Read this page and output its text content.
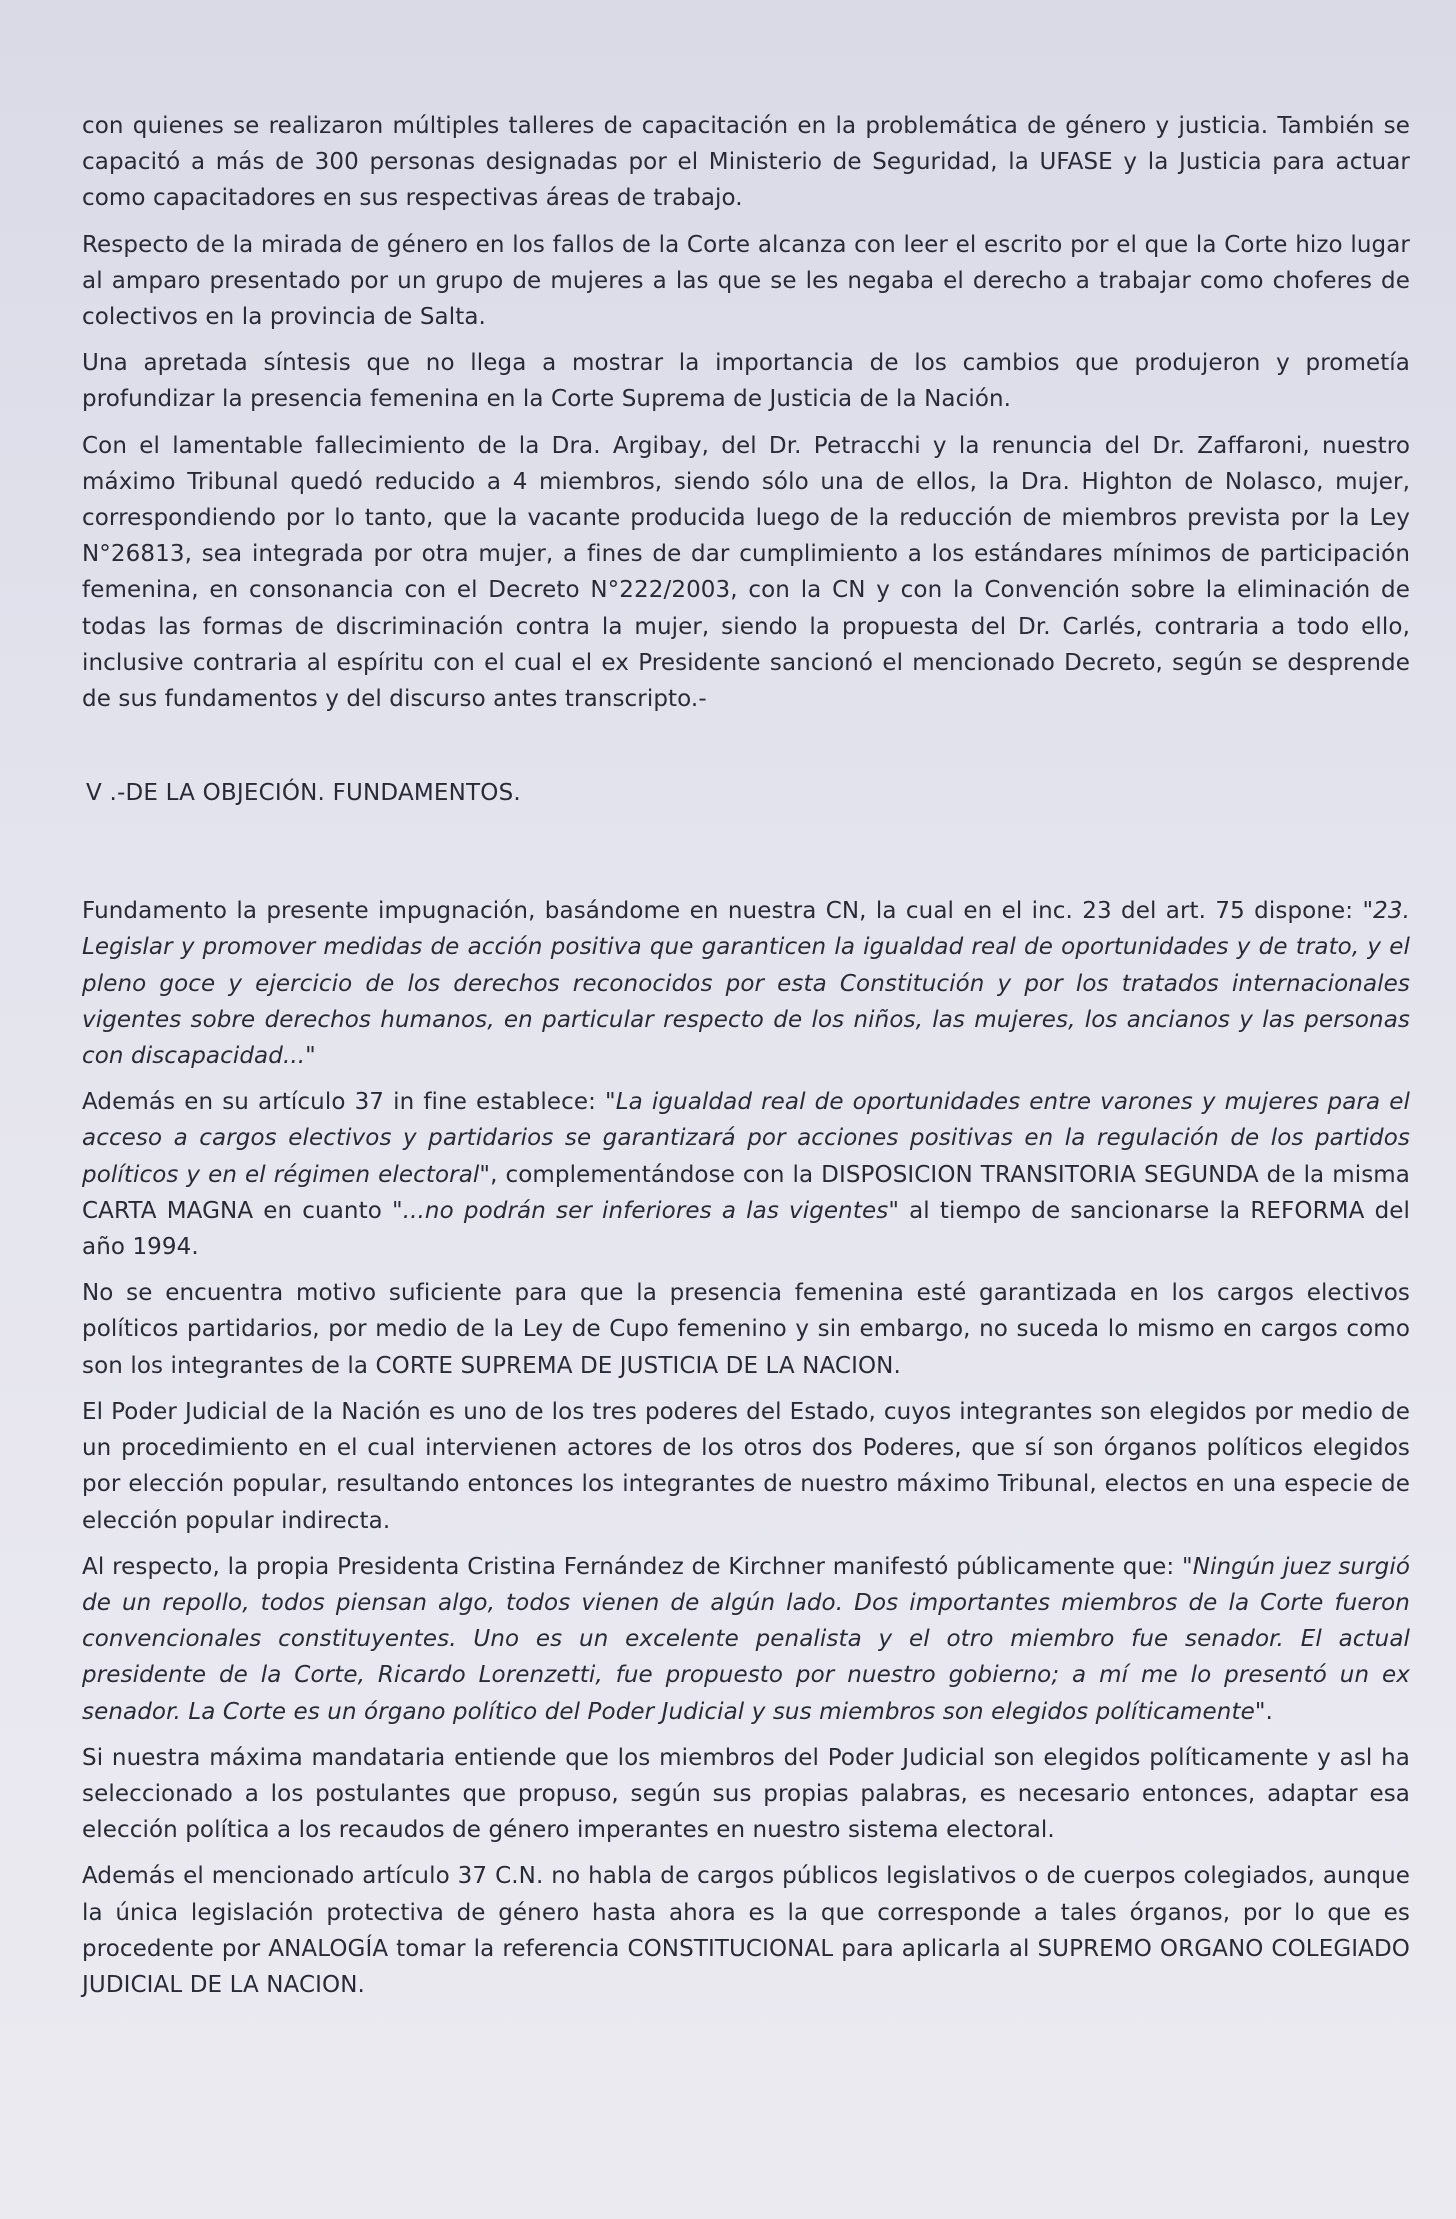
con quienes se realizaron múltiples talleres de capacitación en la problemática de género y justicia. También se capacitó a más de 300 personas designadas por el Ministerio de Seguridad, la UFASE y la Justicia para actuar como capacitadores en sus respectivas áreas de trabajo.

Respecto de la mirada de género en los fallos de la Corte alcanza con leer el escrito por el que la Corte hizo lugar al amparo presentado por un grupo de mujeres a las que se les negaba el derecho a trabajar como choferes de colectivos en la provincia de Salta.

Una apretada síntesis que no llega a mostrar la importancia de los cambios que produjeron y prometía profundizar la presencia femenina en la Corte Suprema de Justicia de la Nación.

Con el lamentable fallecimiento de la Dra. Argibay, del Dr. Petracchi y la renuncia del Dr. Zaffaroni, nuestro máximo Tribunal quedó reducido a 4 miembros, siendo sólo una de ellos, la Dra. Highton de Nolasco, mujer, correspondiendo por lo tanto, que la vacante producida luego de la reducción de miembros prevista por la Ley N°26813, sea integrada por otra mujer, a fines de dar cumplimiento a los estándares mínimos de participación femenina, en consonancia con el Decreto N°222/2003, con la CN y con la Convención sobre la eliminación de todas las formas de discriminación contra la mujer, siendo la propuesta del Dr. Carlés, contraria a todo ello, inclusive contraria al espíritu con el cual el ex Presidente sancionó el mencionado Decreto, según se desprende de sus fundamentos y del discurso antes transcripto.-

V .-DE LA OBJECIÓN. FUNDAMENTOS.

Fundamento la presente impugnación, basándome en nuestra CN, la cual en el inc. 23 del art. 75 dispone: "23. Legislar y promover medidas de acción positiva que garanticen la igualdad real de oportunidades y de trato, y el pleno goce y ejercicio de los derechos reconocidos por esta Constitución y por los tratados internacionales vigentes sobre derechos humanos, en particular respecto de los niños, las mujeres, los ancianos y las personas con discapacidad..."

Además en su artículo 37 in fine establece: "La igualdad real de oportunidades entre varones y mujeres para el acceso a cargos electivos y partidarios se garantizará por acciones positivas en la regulación de los partidos políticos y en el régimen electoral", complementándose con la DISPOSICION TRANSITORIA SEGUNDA de la misma CARTA MAGNA en cuanto "...no podrán ser inferiores a las vigentes" al tiempo de sancionarse la REFORMA del año 1994.

No se encuentra motivo suficiente para que la presencia femenina esté garantizada en los cargos electivos políticos partidarios, por medio de la Ley de Cupo femenino y sin embargo, no suceda lo mismo en cargos como son los integrantes de la CORTE SUPREMA DE JUSTICIA DE LA NACION.

El Poder Judicial de la Nación es uno de los tres poderes del Estado, cuyos integrantes son elegidos por medio de un procedimiento en el cual intervienen actores de los otros dos Poderes, que sí son órganos políticos elegidos por elección popular, resultando entonces los integrantes de nuestro máximo Tribunal, electos en una especie de elección popular indirecta.

Al respecto, la propia Presidenta Cristina Fernández de Kirchner manifestó públicamente que: "Ningún juez surgió de un repollo, todos piensan algo, todos vienen de algún lado. Dos importantes miembros de la Corte fueron convencionales constituyentes. Uno es un excelente penalista y el otro miembro fue senador. El actual presidente de la Corte, Ricardo Lorenzetti, fue propuesto por nuestro gobierno; a mí me lo presentó un ex senador. La Corte es un órgano político del Poder Judicial y sus miembros son elegidos políticamente".

Si nuestra máxima mandataria entiende que los miembros del Poder Judicial son elegidos políticamente y asl ha seleccionado a los postulantes que propuso, según sus propias palabras, es necesario entonces, adaptar esa elección política a los recaudos de género imperantes en nuestro sistema electoral.

Además el mencionado artículo 37 C.N. no habla de cargos públicos legislativos o de cuerpos colegiados, aunque la única legislación protectiva de género hasta ahora es la que corresponde a tales órganos, por lo que es procedente por ANALOGÍA tomar la referencia CONSTITUCIONAL para aplicarla al SUPREMO ORGANO COLEGIADO JUDICIAL DE LA NACION.
